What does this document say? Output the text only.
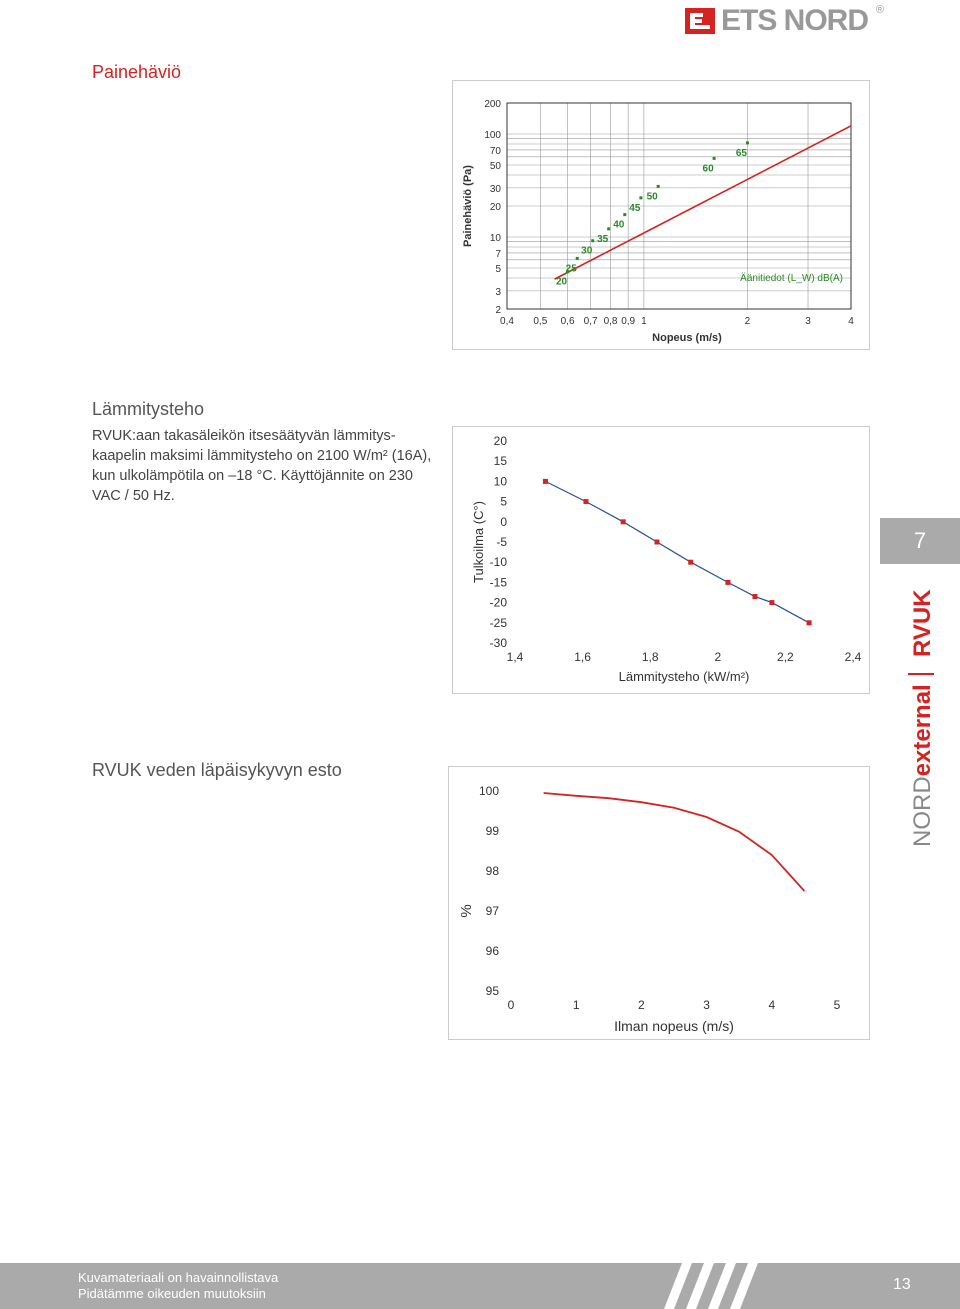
ETS NORD ®
Painehäviö
200
100
70
50
30
20
10
7
5
3
2
0,4 0,5 0,6 0,7 0,8 0,9 1	2	3	4
Nopeus (m/s)
Painehäviö (Pa)
20
25
30
35
40
45
50
60
65
Äänitiedot (L_W) dB(A)
Lämmitysteho
RVUK:aan takasäleikön itsesäätyvän lämmitys-kaapelin maksimi lämmitysteho on 2100 W/m² (16A), kun ulkolämpötila on –18 °C. Käyttöjännite on 230 VAC / 50 Hz.
20
15
10
5
0
-5
-10
-15
-20
-25
-30
1,4	1,6	1,8	2	2,2	2,4
Lämmitysteho (kW/m²)
Tulkoilma (C°)
RVUK veden läpäisykyvyn esto
100
99
98
97
96
95
0	1	2	3	4	5
Ilman nopeus (m/s)
%
7
NORDexternal
RVUK
Kuvamateriaali on havainnollistava
Pidätämme oikeuden muutoksiin
13
